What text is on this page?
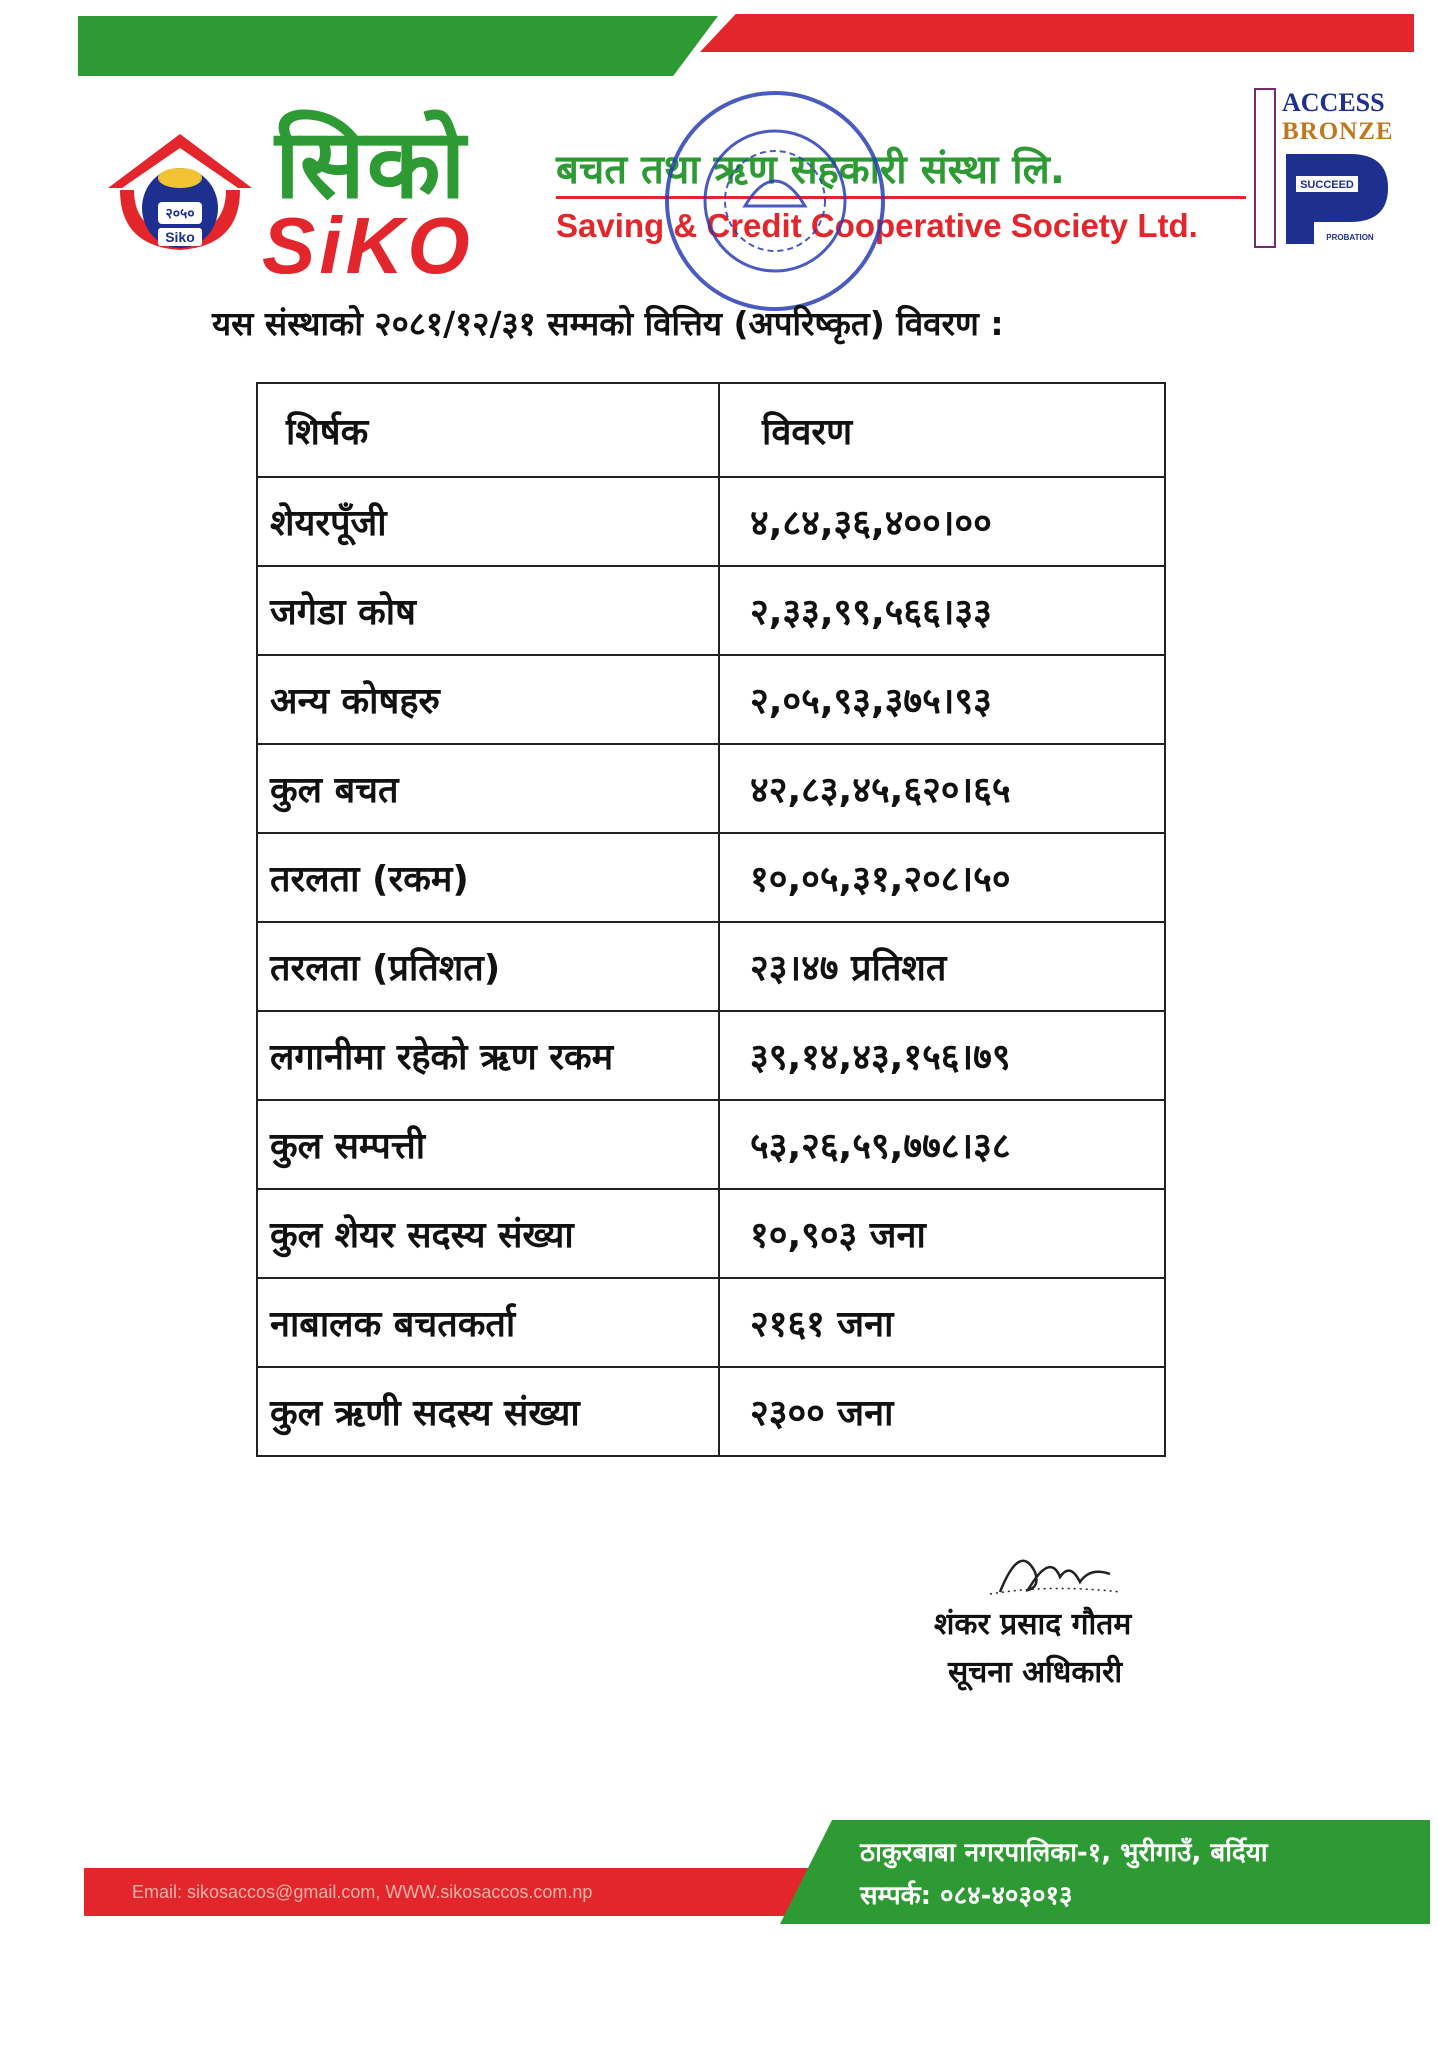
२०५०
Siko
सिको
SiKO
बचत तथा ऋण सहकारी संस्था लि.
Saving & Credit Cooperative Society Ltd.
ACCESS
BRONZE
SUCCEED
PROBATION
यस संस्थाको २०८१/१२/३१ सम्मको वित्तिय (अपरिष्कृत) विवरण :
शिर्षक	विवरण
शेयरपूँजी	४,८४,३६,४००।००
जगेडा कोष	२,३३,९९,५६६।३३
अन्य कोषहरु	२,०५,९३,३७५।९३
कुल बचत	४२,८३,४५,६२०।६५
तरलता (रकम)	१०,०५,३१,२०८।५०
तरलता (प्रतिशत)	२३।४७ प्रतिशत
लगानीमा रहेको ऋण रकम	३९,१४,४३,१५६।७९
कुल सम्पत्ती	५३,२६,५९,७७८।३८
कुल शेयर सदस्य संख्या	१०,९०३ जना
नाबालक बचतकर्ता	२१६१ जना
कुल ऋणी सदस्य संख्या	२३०० जना
शंकर प्रसाद गौतम
सूचना अधिकारी
Email: sikosaccos@gmail.com, WWW.sikosaccos.com.np
ठाकुरबाबा नगरपालिका-१, भुरीगाउँ, बर्दिया
सम्पर्क: ०८४-४०३०१३
